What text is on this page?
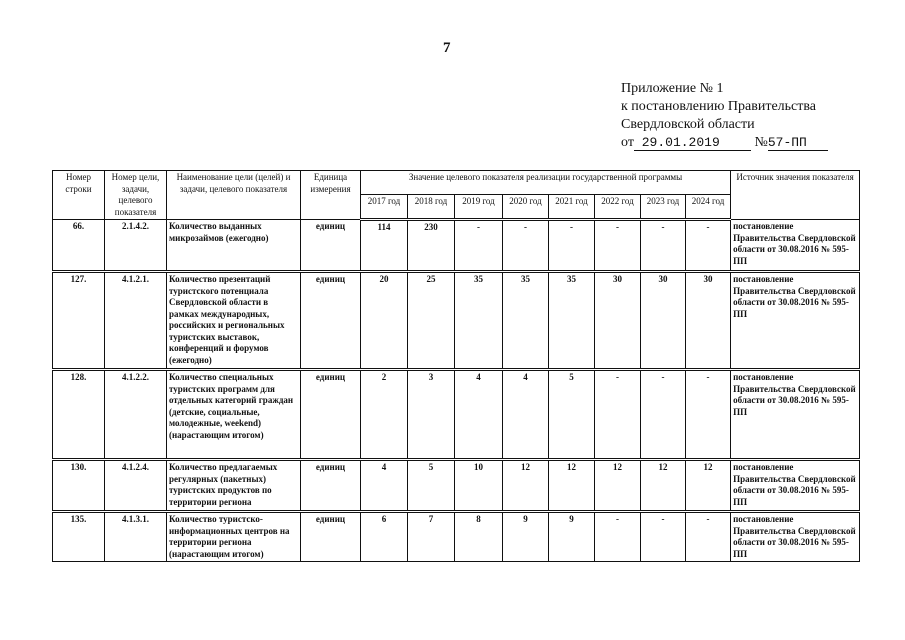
7
Приложение № 1
к постановлению Правительства
Свердловской области
от 29.01.2019 №57-ПП
Номер строки	Номер цели, задачи, целевого показателя	Наименование цели (целей) и задачи, целевого показателя	Единица измерения	Значение целевого показателя реализации государственной программы								Источник значения показателя
				2017 год	2018 год	2019 год	2020 год	2021 год	2022 год	2023 год	2024 год	
66.	2.1.4.2.	Количество выданных микрозаймов (ежегодно)	единиц	114	230	-	-	-	-	-	-	постановление Правительства Свердловской области от 30.08.2016 № 595-ПП
127.	4.1.2.1.	Количество презентаций туристского потенциала Свердловской области в рамках международных, российских и региональных туристских выставок, конференций и форумов (ежегодно)	единиц	20	25	35	35	35	30	30	30	постановление Правительства Свердловской области от 30.08.2016 № 595-ПП
128.	4.1.2.2.	Количество специальных туристских программ для отдельных категорий граждан (детские, социальные, молодежные, weekend) (нарастающим итогом)	единиц	2	3	4	4	5	-	-	-	постановление Правительства Свердловской области от 30.08.2016 № 595-ПП
130.	4.1.2.4.	Количество предлагаемых регулярных (пакетных) туристских продуктов по территории региона	единиц	4	5	10	12	12	12	12	12	постановление Правительства Свердловской области от 30.08.2016 № 595-ПП
135.	4.1.3.1.	Количество туристско-информационных центров на территории региона (нарастающим итогом)	единиц	6	7	8	9	9	-	-	-	постановление Правительства Свердловской области от 30.08.2016 № 595-ПП
